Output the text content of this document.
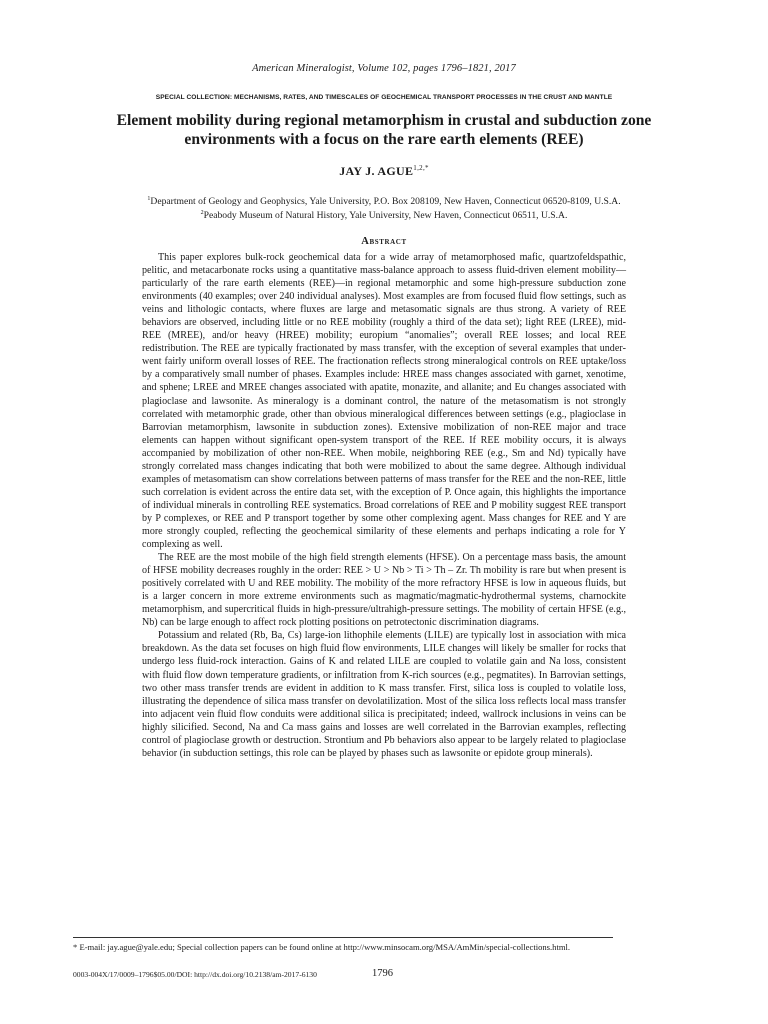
American Mineralogist, Volume 102, pages 1796–1821, 2017
SPECIAL COLLECTION: MECHANISMS, RATES, AND TIMESCALES OF GEOCHEMICAL TRANSPORT PROCESSES IN THE CRUST AND MANTLE
Element mobility during regional metamorphism in crustal and subduction zone environments with a focus on the rare earth elements (REE)
JAY J. $AGUE^{1,2,*}$
$^1$Department of Geology and Geophysics, Yale University, P.O. Box 208109, New Haven, Connecticut 06520-8109, U.S.A.
$^2$Peabody Museum of Natural History, Yale University, New Haven, Connecticut 06511, U.S.A.
Abstract

This paper explores bulk-rock geochemical data for a wide array of metamorphosed mafic, quartzofeldspathic, pelitic, and metacarbonate rocks using a quantitative mass-balance approach to assess fluid-driven element mobility—particularly of the rare earth elements (REE)—in regional metamorphic and some high-pressure subduction zone environments (40 examples; over 240 individual analyses). Most examples are from focused fluid flow settings, such as veins and lithologic contacts, where fluxes are large and metasomatic signals are thus strong. A variety of REE behaviors are observed, including little or no REE mobility (roughly a third of the data set); light REE (LREE), mid-REE (MREE), and/or heavy (HREE) mobility; europium “anomalies”; overall REE losses; and local REE redistribution. The REE are typically fractionated by mass transfer, with the exception of several examples that underwent fairly uniform overall losses of REE. The fractionation reflects strong mineralogical controls on REE uptake/loss by a comparatively small number of phases. Examples include: HREE mass changes associated with garnet, xenotime, and sphene; LREE and MREE changes associated with apatite, monazite, and allanite; and Eu changes associated with plagioclase and lawsonite. As mineralogy is a dominant control, the nature of the metasomatism is not strongly correlated with metamorphic grade, other than obvious mineralogical differences between settings (e.g., plagioclase in Barrovian metamorphism, lawsonite in subduction zones). Extensive mobilization of non-REE major and trace elements can happen without significant open-system transport of the REE. If REE mobility occurs, it is always accompanied by mobilization of other non-REE. When mobile, neighboring REE (e.g., Sm and Nd) typically have strongly correlated mass changes indicating that both were mobilized to about the same degree. Although individual examples of metasomatism can show correlations between patterns of mass transfer for the REE and the non-REE, little such correlation is evident across the entire data set, with the exception of P. Once again, this highlights the importance of individual minerals in controlling REE systematics. Broad correlations of REE and P mobility suggest REE transport by P complexes, or REE and P transport together by some other complexing agent. Mass changes for REE and Y are more strongly coupled, reflecting the geochemical similarity of these elements and perhaps indicating a role for Y complexing as well.

The REE are the most mobile of the high field strength elements (HFSE). On a percentage mass basis, the amount of HFSE mobility decreases roughly in the order: REE > U > Nb > Ti > Th – Zr. Th mobility is rare but when present is positively correlated with U and REE mobility. The mobility of the more refractory HFSE is low in aqueous fluids, but is a larger concern in more extreme environments such as magmatic/magmatic-hydrothermal systems, charnockite metamorphism, and supercritical fluids in high-pressure/ultrahigh-pressure settings. The mobility of certain HFSE (e.g., Nb) can be large enough to affect rock plotting positions on petrotectonic discrimination diagrams.

Potassium and related (Rb, Ba, Cs) large-ion lithophile elements (LILE) are typically lost in association with mica breakdown. As the data set focuses on high fluid flow environments, LILE changes will likely be smaller for rocks that undergo less fluid-rock interaction. Gains of K and related LILE are coupled to volatile gain and Na loss, consistent with fluid flow down temperature gradients, or infiltration from K-rich sources (e.g., pegmatites). In Barrovian settings, two other mass transfer trends are evident in addition to K mass transfer. First, silica loss is coupled to volatile loss, illustrating the dependence of silica mass transfer on devolatilization. Most of the silica loss reflects local mass transfer into adjacent vein fluid flow conduits were additional silica is precipitated; indeed, wallrock inclusions in veins can be highly silicified. Second, Na and Ca mass gains and losses are well correlated in the Barrovian examples, reflecting control of plagioclase growth or destruction. Strontium and Pb behaviors also appear to be largely related to plagioclase behavior (in subduction settings, this role can be played by phases such as lawsonite or epidote group minerals).

* E-mail: jay.ague@yale.edu; Special collection papers can be found online at http://www.minsocam.org/MSA/AmMin/special-collections.html.
0003-004X/17/0009–1796$05.00/DOI: http://dx.doi.org/10.2138/am-2017-6130	1796
